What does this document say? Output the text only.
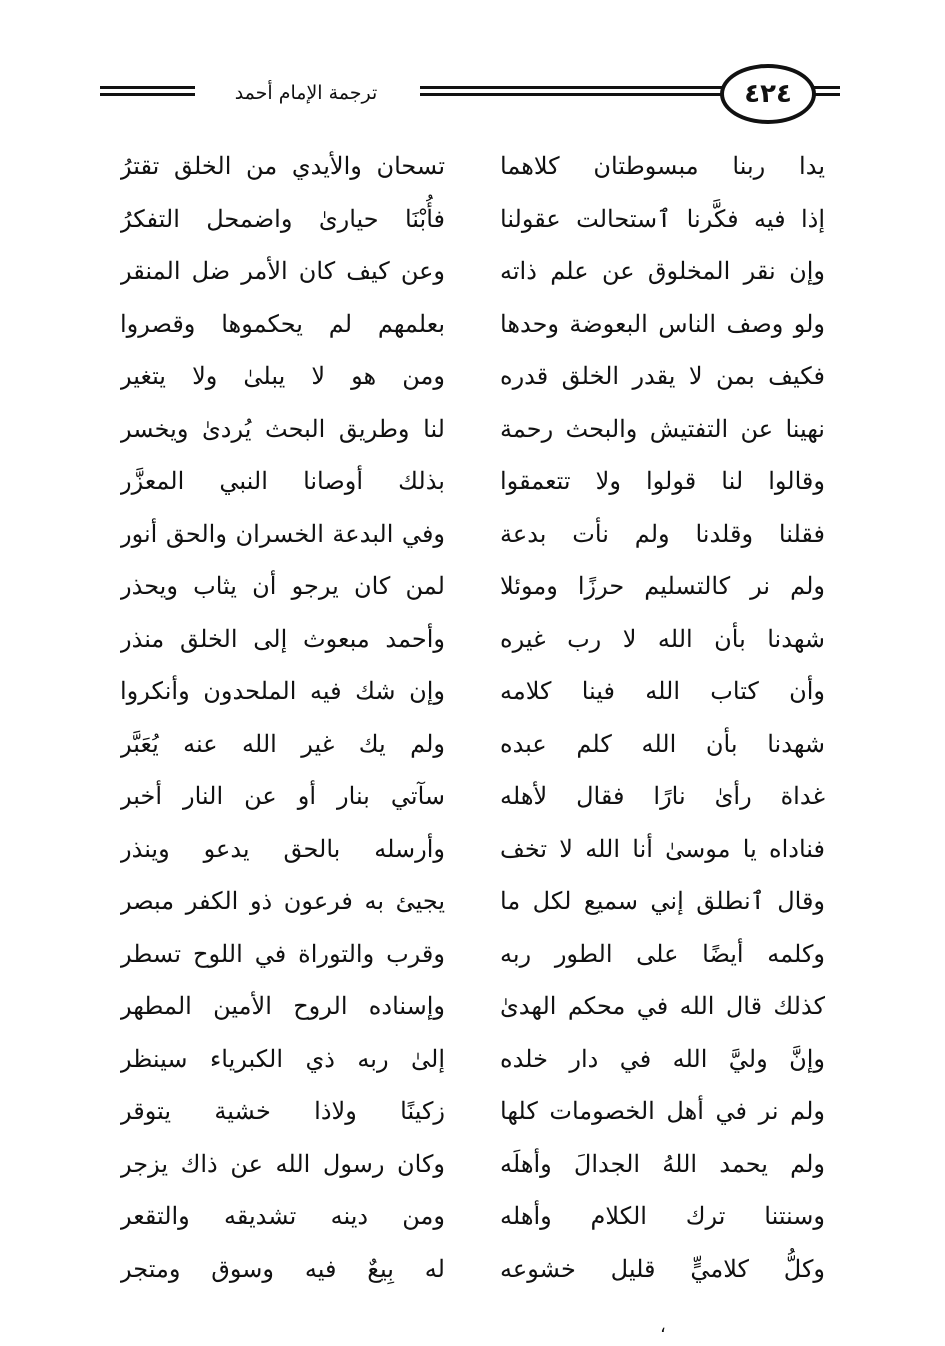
ترجمة الإمام أحمد	٤٢٤
يدا ربنا مبسوطتان كلاهما
تسحان والأيدي من الخلق تقترُ
إذا فيه فكَّرنا ٱستحالت عقولنا
فأُبْنَا حيارىٰ واضمحل التفكرُ
وإن نقر المخلوق عن علم ذاته
وعن كيف كان الأمر ضل المنقر
ولو وصف الناس البعوضة وحدها
بعلمهم لم يحكموها وقصروا
فكيف بمن لا يقدر الخلق قدره
ومن هو لا يبلىٰ ولا يتغير
نهينا عن التفتيش والبحث رحمة
لنا وطريق البحث يُردىٰ ويخسر
وقالوا لنا قولوا ولا تتعمقوا
بذلك أوصانا النبي المعزَّر
فقلنا وقلدنا ولم نأت بدعة
وفي البدعة الخسران والحق أنور
ولم نر كالتسليم حرزًا وموئلا
لمن كان يرجو أن يثاب ويحذر
شهدنا بأن الله لا رب غيره
وأحمد مبعوث إلى الخلق منذر
وأن كتاب الله فينا كلامه
وإن شك فيه الملحدون وأنكروا
شهدنا بأن الله كلم عبده
ولم يك غير الله عنه يُعَبَّر
غداة رأىٰ نارًا فقال لأهله
سآتي بنار أو عن النار أخبر
فناداه يا موسىٰ أنا الله لا تخف
وأرسله بالحق يدعو وينذر
وقال ٱنطلق إني سميع لكل ما
يجيئ به فرعون ذو الكفر مبصر
وكلمه أيضًا على الطور ربه
وقرب والتوراة في اللوح تسطر
كذلك قال الله في محكم الهدىٰ
وإسناده الروح الأمين المطهر
وإنَّ وليَّ الله في دار خلده
إلىٰ ربه ذي الكبرياء سينظر
ولم نر في أهل الخصومات كلها
زكينًا ولاذا خشية يتوقر
ولم يحمد اللهُ الجدالَ وأهلَه
وكان رسول الله عن ذاك يزجر
وسنتنا ترك الكلام وأهله
ومن دينه تشديقه والتقعر
وكلُّ كلاميٍّ قليل خشوعه
له بِيعٌ فيه وسوق ومتجر
،
